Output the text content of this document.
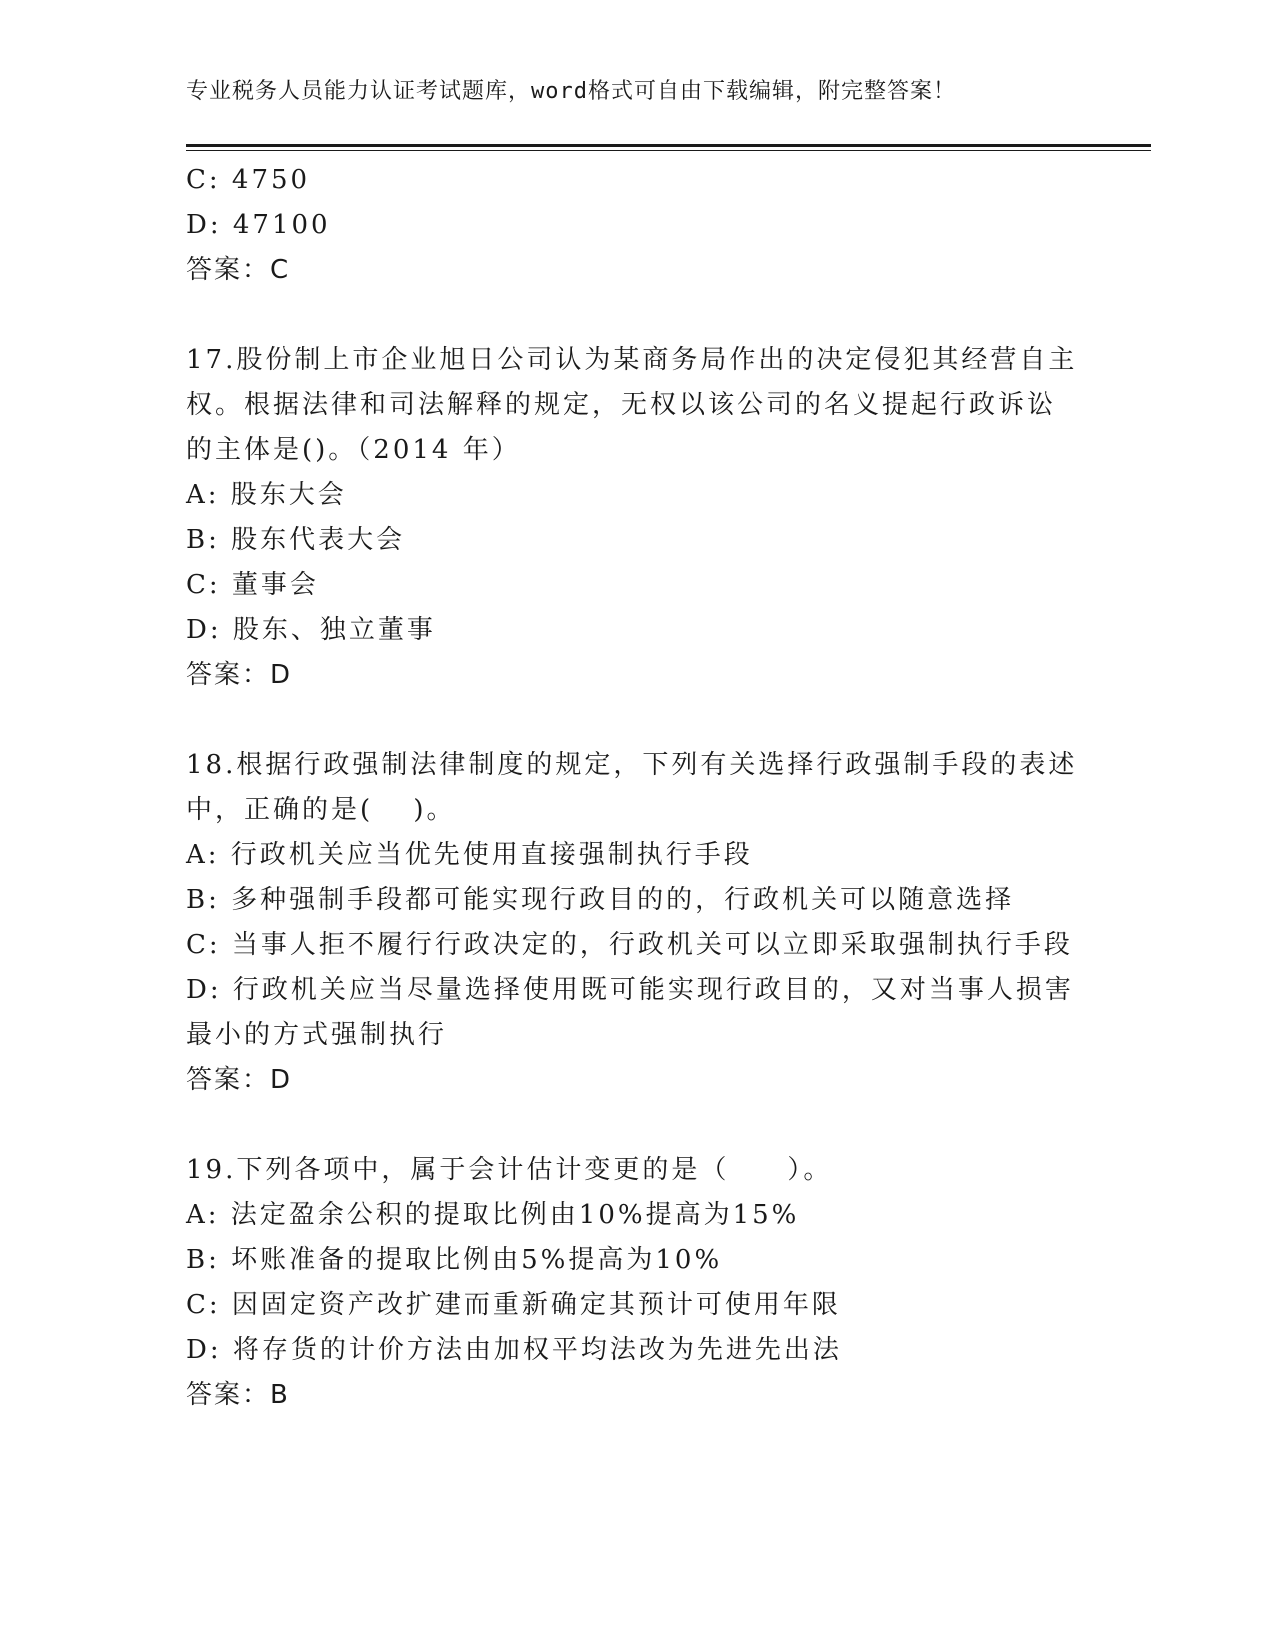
专业税务人员能力认证考试题库，word格式可自由下载编辑，附完整答案！
C: 4750
D: 47100
答案：C
17.股份制上市企业旭日公司认为某商务局作出的决定侵犯其经营自主
权。根据法律和司法解释的规定，无权以该公司的名义提起行政诉讼
的主体是()。（2014 年）
A: 股东大会
B: 股东代表大会
C: 董事会
D: 股东、独立董事
答案：D
18.根据行政强制法律制度的规定，下列有关选择行政强制手段的表述
中，正确的是(　 )。
A: 行政机关应当优先使用直接强制执行手段
B: 多种强制手段都可能实现行政目的的，行政机关可以随意选择
C: 当事人拒不履行行政决定的，行政机关可以立即采取强制执行手段
D: 行政机关应当尽量选择使用既可能实现行政目的，又对当事人损害
最小的方式强制执行
答案：D
19.下列各项中，属于会计估计变更的是（　　）。
A: 法定盈余公积的提取比例由10%提高为15%
B: 坏账准备的提取比例由5%提高为10%
C: 因固定资产改扩建而重新确定其预计可使用年限
D: 将存货的计价方法由加权平均法改为先进先出法
答案：B
